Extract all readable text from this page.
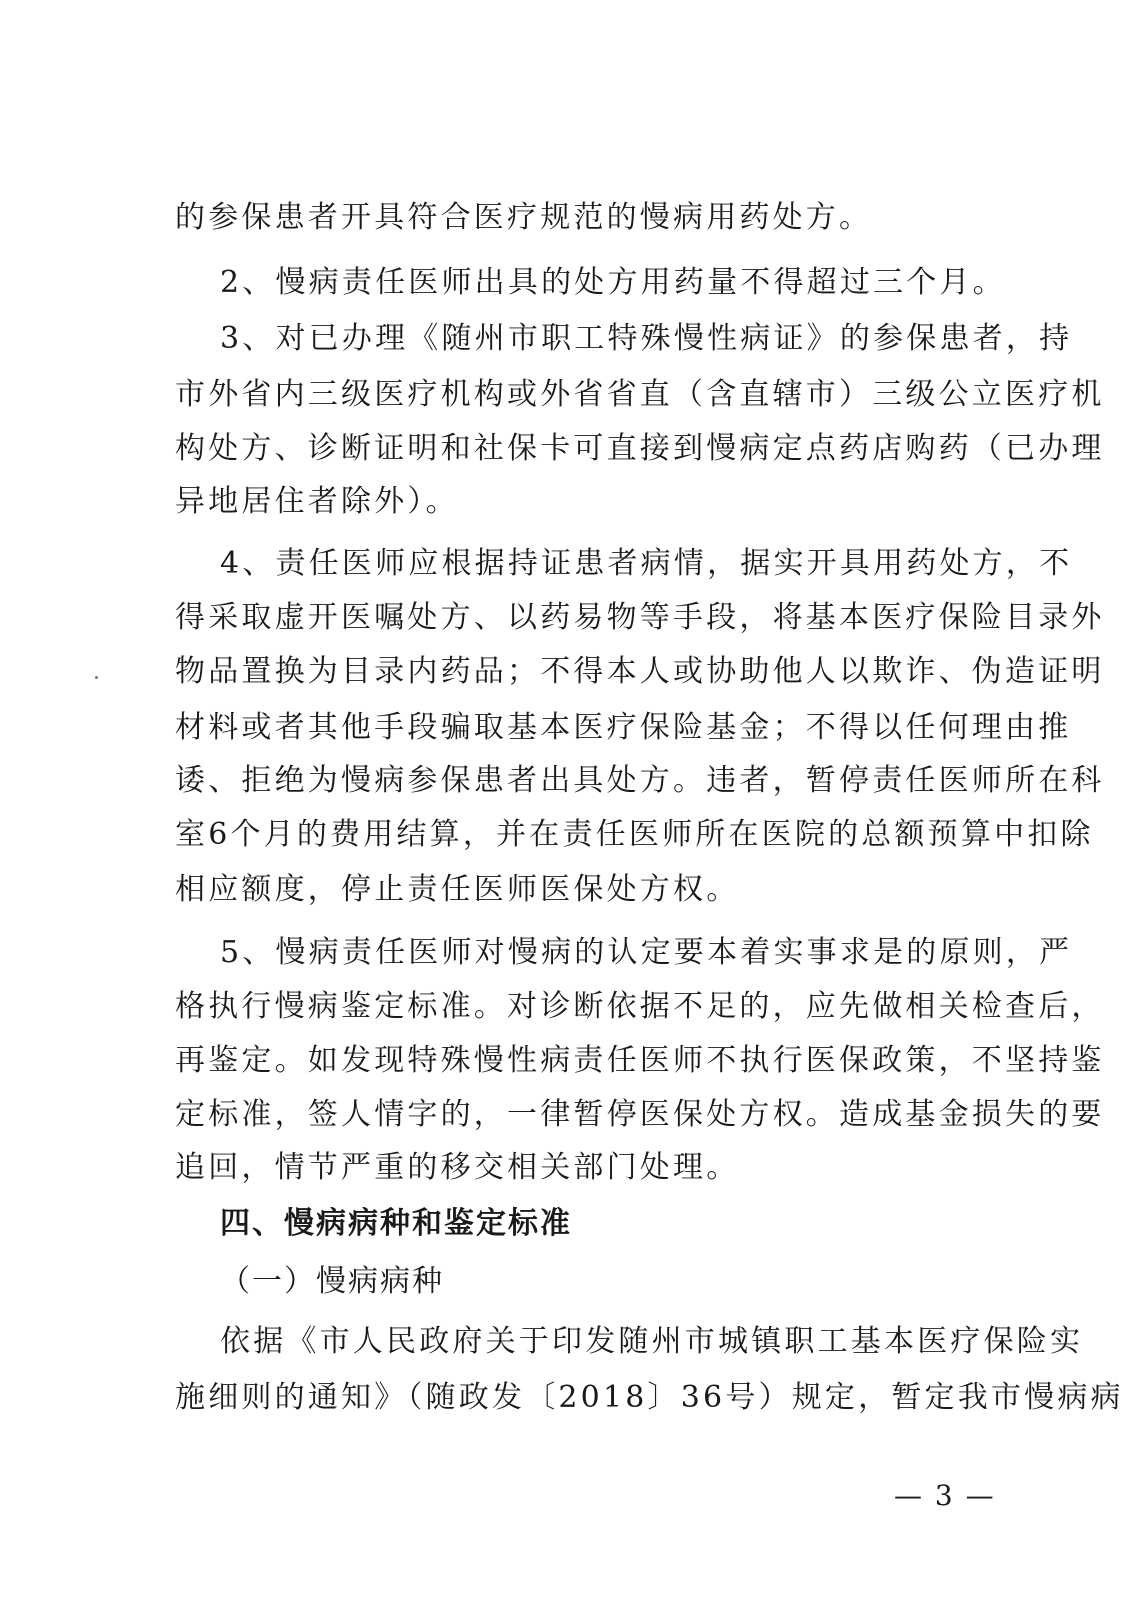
的参保患者开具符合医疗规范的慢病用药处方。
2、慢病责任医师出具的处方用药量不得超过三个月。
3、对已办理《随州市职工特殊慢性病证》的参保患者，持
市外省内三级医疗机构或外省省直（含直辖市）三级公立医疗机
构处方、诊断证明和社保卡可直接到慢病定点药店购药（已办理
异地居住者除外）。
4、责任医师应根据持证患者病情，据实开具用药处方，不
得采取虚开医嘱处方、以药易物等手段，将基本医疗保险目录外
物品置换为目录内药品；不得本人或协助他人以欺诈、伪造证明
材料或者其他手段骗取基本医疗保险基金；不得以任何理由推
诿、拒绝为慢病参保患者出具处方。违者，暂停责任医师所在科
室6个月的费用结算，并在责任医师所在医院的总额预算中扣除
相应额度，停止责任医师医保处方权。
5、慢病责任医师对慢病的认定要本着实事求是的原则，严
格执行慢病鉴定标准。对诊断依据不足的，应先做相关检查后，
再鉴定。如发现特殊慢性病责任医师不执行医保政策，不坚持鉴
定标准，签人情字的，一律暂停医保处方权。造成基金损失的要
追回，情节严重的移交相关部门处理。
四、慢病病种和鉴定标准
（一）慢病病种
依据《市人民政府关于印发随州市城镇职工基本医疗保险实
施细则的通知》（随政发〔2018〕36号）规定，暂定我市慢病病
— 3 —
